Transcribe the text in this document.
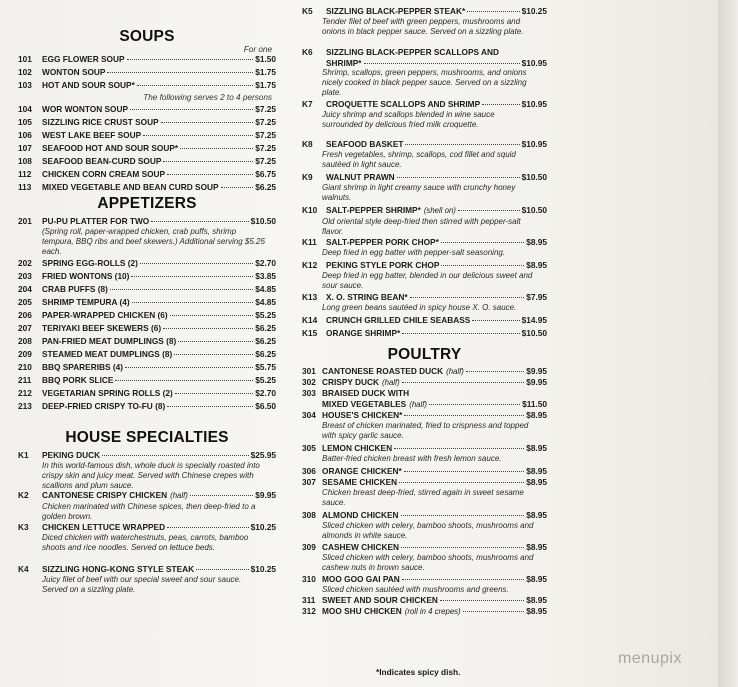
SOUPS
For one
101	EGG FLOWER SOUP	$1.50
102	WONTON SOUP	$1.75
103	HOT AND SOUR SOUP*	$1.75
104	WOR WONTON SOUP	$7.25
105	SIZZLING RICE CRUST SOUP	$7.25
106	WEST LAKE BEEF SOUP	$7.25
107	SEAFOOD HOT AND SOUR SOUP*	$7.25
108	SEAFOOD BEAN-CURD SOUP	$7.25
112	CHICKEN CORN CREAM SOUP	$6.75
113	MIXED VEGETABLE AND BEAN CURD SOUP	$6.25
The following serves 2 to 4 persons
APPETIZERS
201	PU-PU PLATTER FOR TWO	$10.50
(Spring roll, paper-wrapped chicken, crab puffs, shrimp tempura, BBQ ribs and beef skewers.) Additional serving $5.25 each.
202	SPRING EGG-ROLLS (2)	$2.70
203	FRIED WONTONS (10)	$3.85
204	CRAB PUFFS (8)	$4.85
205	SHRIMP TEMPURA (4)	$4.85
206	PAPER-WRAPPED CHICKEN (6)	$5.25
207	TERIYAKI BEEF SKEWERS (6)	$6.25
208	PAN-FRIED MEAT DUMPLINGS (8)	$6.25
209	STEAMED MEAT DUMPLINGS (8)	$6.25
210	BBQ SPARERIBS (4)	$5.75
211	BBQ PORK SLICE	$5.25
212	VEGETARIAN SPRING ROLLS (2)	$2.70
213	DEEP-FRIED CRISPY TO-FU (8)	$6.50
HOUSE SPECIALTIES
K1	PEKING DUCK	$25.95
In this world-famous dish, whole duck is specially roasted into crispy skin and juicy meat. Served with Chinese crepes with scallions and plum sauce.
K2	CANTONESE CRISPY CHICKEN (half)	$9.95
Chicken marinated with Chinese spices, then deep-fried to a golden brown.
K3	CHICKEN LETTUCE WRAPPED	$10.25
Diced chicken with waterchestnuts, peas, carrots, bamboo shoots and rice noodles. Served on lettuce beds.
K4	SIZZLING HONG-KONG STYLE STEAK	$10.25
Juicy filet of beef with our special sweet and sour sauce. Served on a sizzling plate.
K5	SIZZLING BLACK-PEPPER STEAK*	$10.25
Tender filet of beef with green peppers, mushrooms and onions in black pepper sauce. Served on a sizzling plate.
K6	SIZZLING BLACK-PEPPER SCALLOPS AND
SHRIMP*	$10.95
Shrimp, scallops, green peppers, mushrooms, and onions nicely cooked in black pepper sauce. Served on a sizzling plate.
K7	CROQUETTE SCALLOPS AND SHRIMP	$10.95
Juicy shrimp and scallops blended in wine sauce surrounded by delicious fried milk croquette.
K8	SEAFOOD BASKET	$10.95
Fresh vegetables, shrimp, scallops, cod fillet and squid sautéed in light sauce.
K9	WALNUT PRAWN	$10.50
Giant shrimp in light creamy sauce with crunchy honey walnuts.
K10	SALT-PEPPER SHRIMP* (shell on)	$10.50
Old oriental style deep-fried then stirred with pepper-salt flavor.
K11	SALT-PEPPER PORK CHOP*	$8.95
Deep fried in egg batter with pepper-salt seasoning.
K12	PEKING STYLE PORK CHOP	$8.95
Deep fried in egg batter, blended in our delicious sweet and sour sauce.
K13	X. O. STRING BEAN*	$7.95
Long green beans sautéed in spicy house X. O. sauce.
K14	CRUNCH GRILLED CHILE SEABASS	$14.95
K15	ORANGE SHRIMP*	$10.50
POULTRY
301 CANTONESE ROASTED DUCK (half)	$9.95
302 CRISPY DUCK (half)	$9.95
303 BRAISED DUCK WITH
MIXED VEGETABLES (half)	$11.50
304 HOUSE'S CHICKEN*	$8.95
Breast of chicken marinated, fried to crispness and topped with spicy garlic sauce.
305 LEMON CHICKEN	$8.95
Batter-fried chicken breast with fresh lemon sauce.
306 ORANGE CHICKEN*	$8.95
307 SESAME CHICKEN	$8.95
Chicken breast deep-fried, stirred again in sweet sesame sauce.
308 ALMOND CHICKEN	$8.95
Sliced chicken with celery, bamboo shoots, mushrooms and almonds in white sauce.
309 CASHEW CHICKEN	$8.95
Sliced chicken with celery, bamboo shoots, mushrooms and cashew nuts in brown sauce.
310 MOO GOO GAI PAN	$8.95
Sliced chicken sautéed with mushrooms and greens.
311 SWEET AND SOUR CHICKEN	$8.95
312 MOO SHU CHICKEN (roll in 4 crepes)	$8.95
*Indicates spicy dish.
menupix
